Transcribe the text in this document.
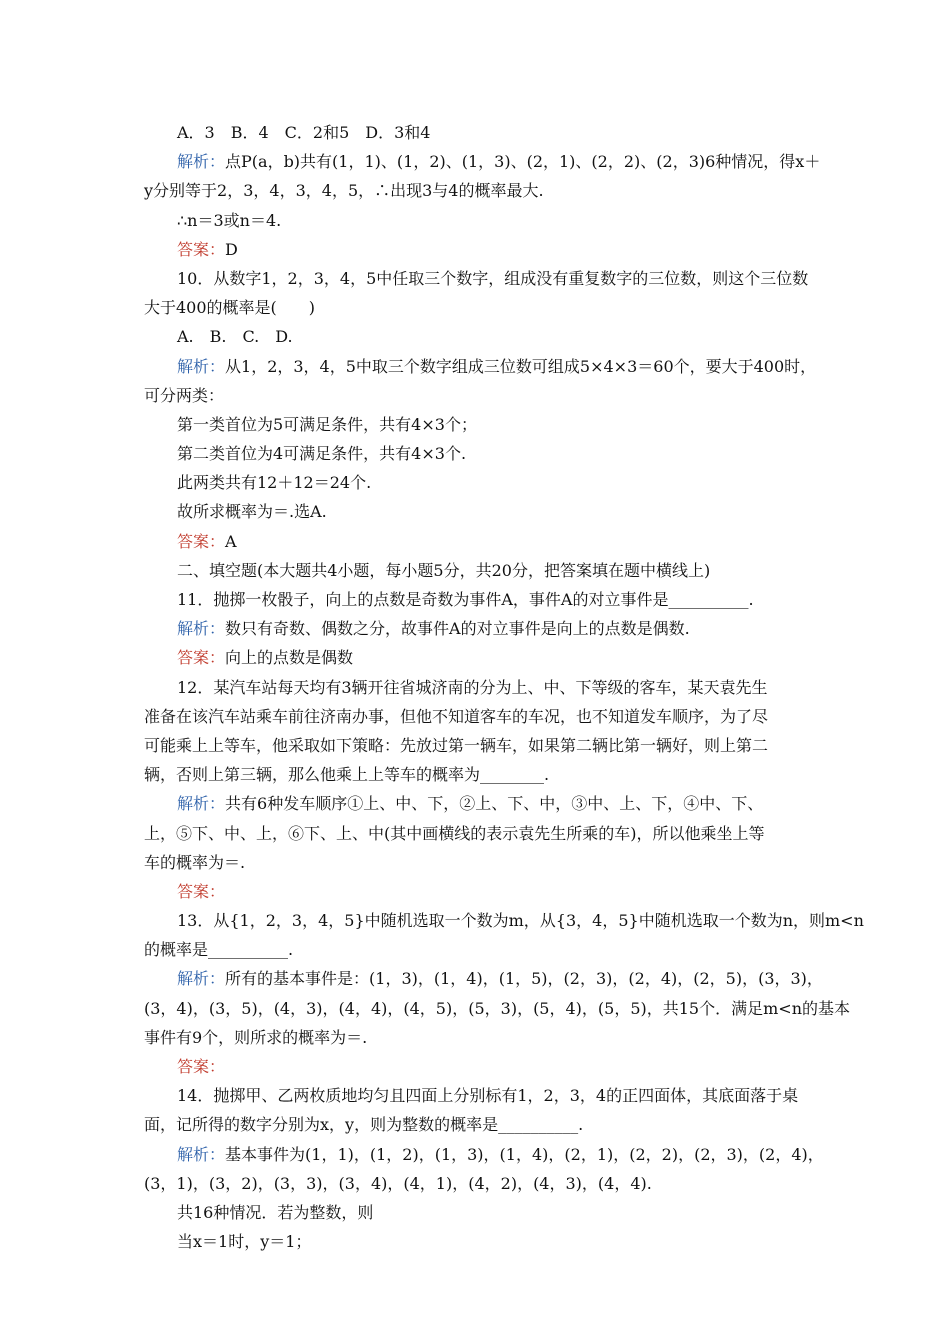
A．3　B．4　C．2和5　D．3和4
解析：点P(a，b)共有(1，1)、(1，2)、(1，3)、(2，1)、(2，2)、(2，3)6种情况，得x＋
y分别等于2，3，4，3，4，5，∴出现3与4的概率最大.
∴n＝3或n＝4.
答案：D
10．从数字1，2，3，4，5中任取三个数字，组成没有重复数字的三位数，则这个三位数
大于400的概率是(　　)
A.　B.　C.　D.
解析：从1，2，3，4，5中取三个数字组成三位数可组成5×4×3＝60个，要大于400时，
可分两类：
第一类首位为5可满足条件，共有4×3个；
第二类首位为4可满足条件，共有4×3个.
此两类共有12＋12＝24个.
故所求概率为＝.选A.
答案：A
二、填空题(本大题共4小题，每小题5分，共20分，把答案填在题中横线上)
11．抛掷一枚骰子，向上的点数是奇数为事件A，事件A的对立事件是__________.
解析：数只有奇数、偶数之分，故事件A的对立事件是向上的点数是偶数.
答案：向上的点数是偶数
12．某汽车站每天均有3辆开往省城济南的分为上、中、下等级的客车，某天袁先生
准备在该汽车站乘车前往济南办事，但他不知道客车的车况，也不知道发车顺序，为了尽
可能乘上上等车，他采取如下策略：先放过第一辆车，如果第二辆比第一辆好，则上第二
辆，否则上第三辆，那么他乘上上等车的概率为________.
解析：共有6种发车顺序①上、中、下，②上、下、中，③中、上、下，④中、下、
上，⑤下、中、上，⑥下、上、中(其中画横线的表示袁先生所乘的车)，所以他乘坐上等
车的概率为＝.
答案：
13．从{1，2，3，4，5}中随机选取一个数为m，从{3，4，5}中随机选取一个数为n，则m<n
的概率是__________.
解析：所有的基本事件是：(1，3)，(1，4)，(1，5)，(2，3)，(2，4)，(2，5)，(3，3)，
(3，4)，(3，5)，(4，3)，(4，4)，(4，5)，(5，3)，(5，4)，(5，5)，共15个．满足m<n的基本
事件有9个，则所求的概率为＝.
答案：
14．抛掷甲、乙两枚质地均匀且四面上分别标有1，2，3，4的正四面体，其底面落于桌
面，记所得的数字分别为x，y，则为整数的概率是__________.
解析：基本事件为(1，1)，(1，2)，(1，3)，(1，4)，(2，1)，(2，2)，(2，3)，(2，4)，
(3，1)，(3，2)，(3，3)，(3，4)，(4，1)，(4，2)，(4，3)，(4，4).
共16种情况．若为整数，则
当x＝1时，y＝1；
